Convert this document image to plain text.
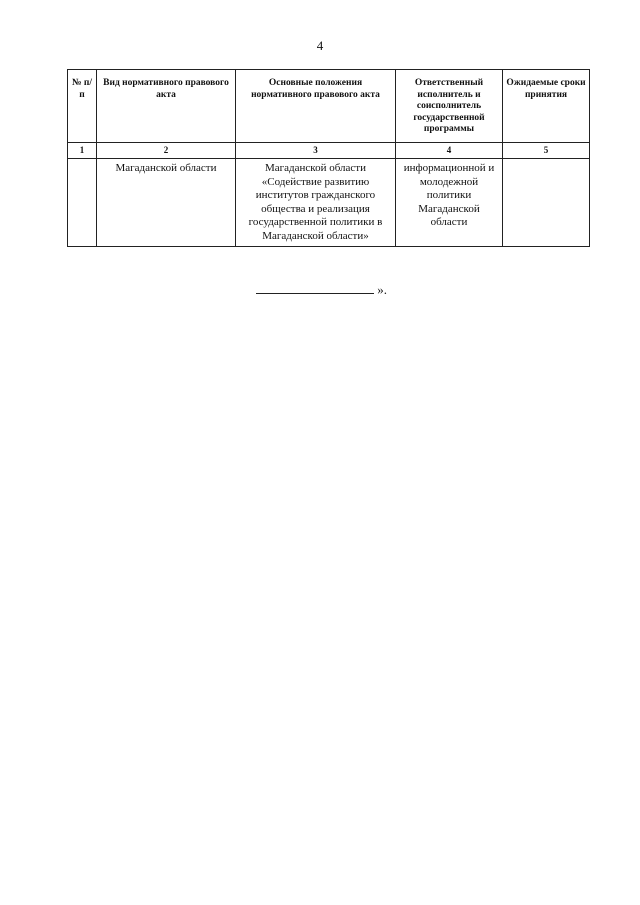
4
№ п/п	Вид нормативного правового акта	Основные положения нормативного правового акта	Ответственный исполнитель и соисполнитель государственной программы	Ожидаемые сроки принятия
1	2	3	4	5
	Магаданской области	Магаданской области «Содействие развитию институтов гражданского общества и реализация государственной политики в Магаданской области»	информационной и молодежной политики Магаданской области	
».
